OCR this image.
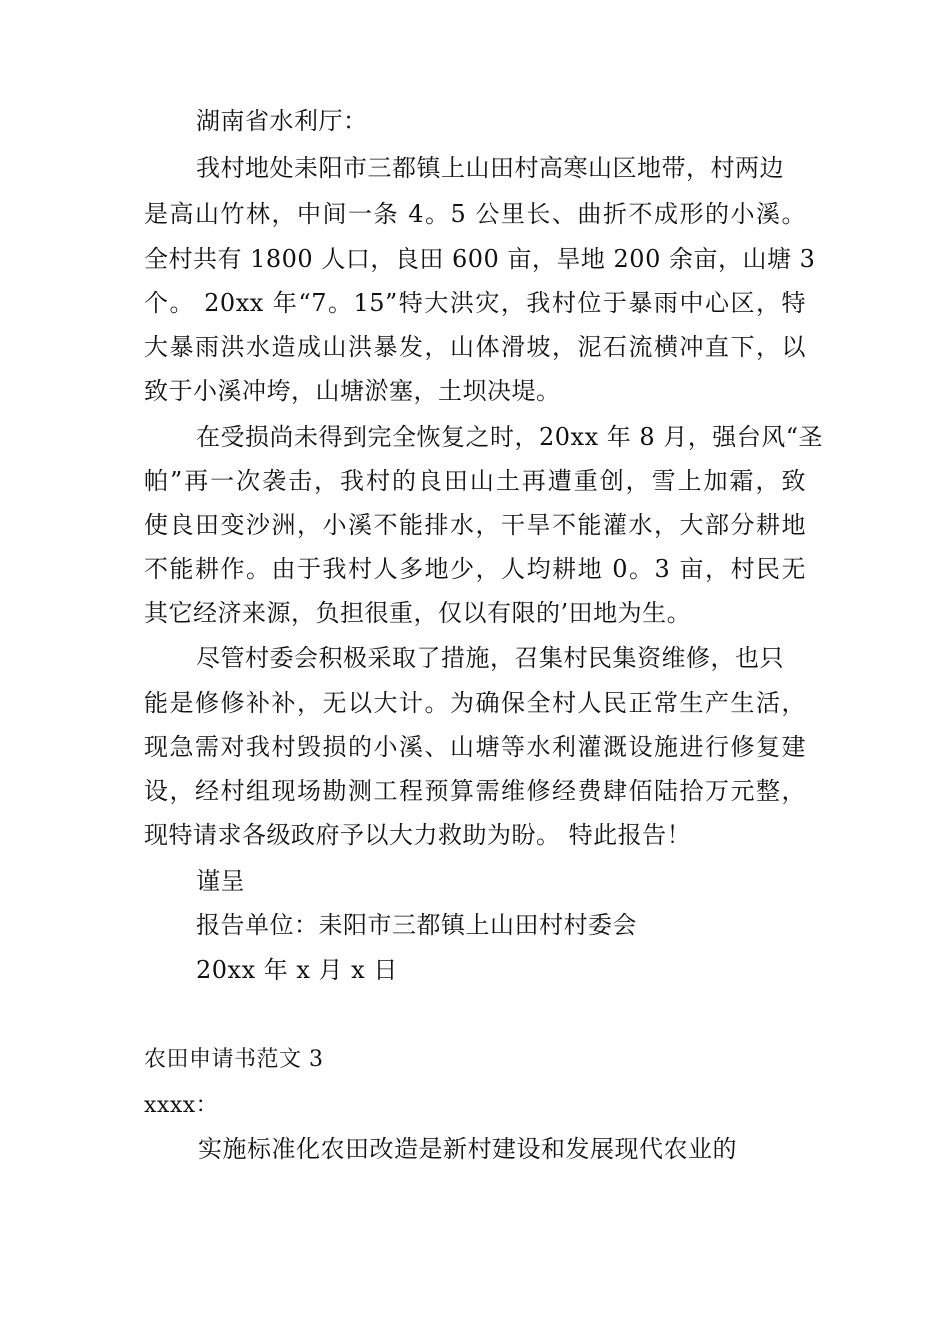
湖南省水利厅：
我村地处耒阳市三都镇上山田村高寒山区地带，村两边
是高山竹林，中间一条 4。5 公里长、曲折不成形的小溪。
全村共有 1800 人口，良田 600 亩，旱地 200 余亩，山塘 3
个。 20xx 年“7。15”特大洪灾，我村位于暴雨中心区，特
大暴雨洪水造成山洪暴发，山体滑坡，泥石流横冲直下，以
致于小溪冲垮，山塘淤塞，土坝决堤。
在受损尚未得到完全恢复之时，20xx 年 8 月，强台风“圣
帕”再一次袭击，我村的良田山土再遭重创，雪上加霜，致
使良田变沙洲，小溪不能排水，干旱不能灌水，大部分耕地
不能耕作。由于我村人多地少，人均耕地 0。3 亩，村民无
其它经济来源，负担很重，仅以有限的’田地为生。
尽管村委会积极采取了措施，召集村民集资维修，也只
能是修修补补，无以大计。为确保全村人民正常生产生活，
现急需对我村毁损的小溪、山塘等水利灌溉设施进行修复建
设，经村组现场勘测工程预算需维修经费肆佰陆拾万元整，
现特请求各级政府予以大力救助为盼。 特此报告！
谨呈
报告单位：耒阳市三都镇上山田村村委会
20xx 年 x 月 x 日
农田申请书范文 3
xxxx：
实施标准化农田改造是新村建设和发展现代农业的
